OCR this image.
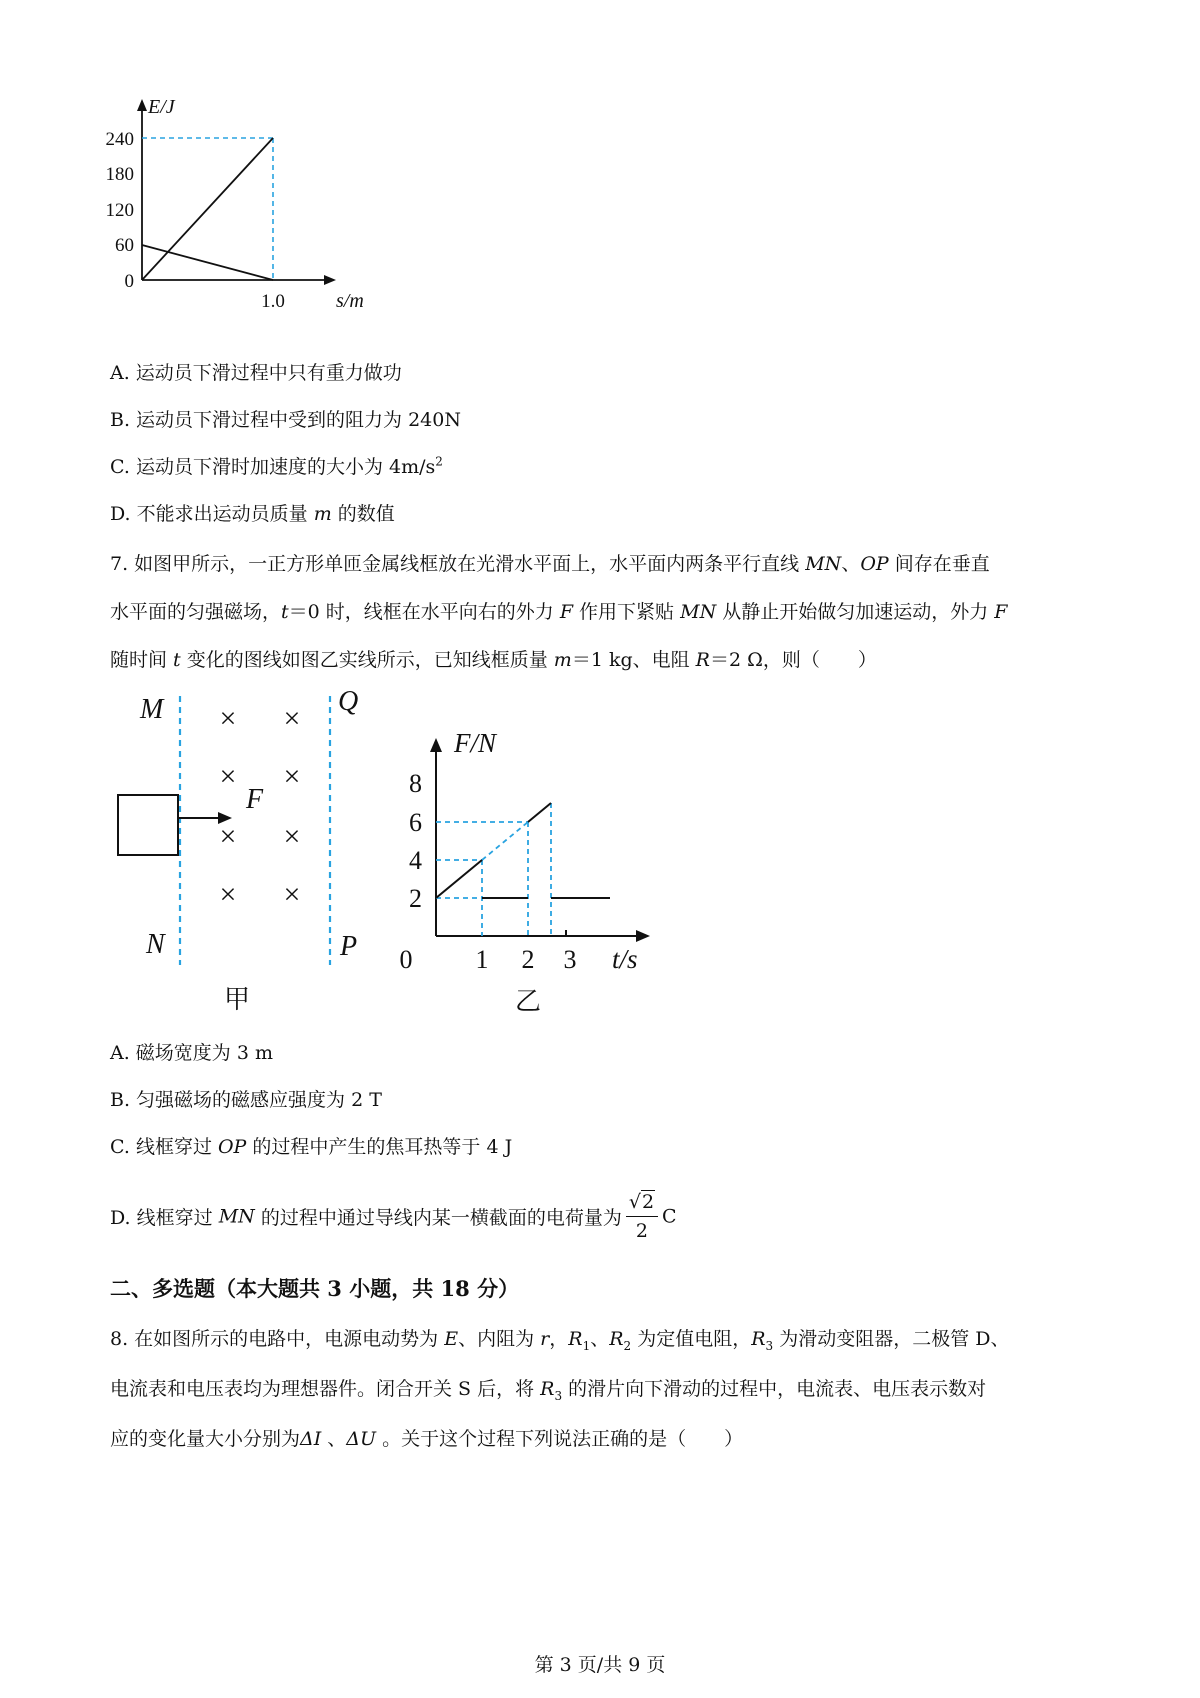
E/J
240
180
120
60
0
1.0	s/m
A. 运动员下滑过程中只有重力做功
B. 运动员下滑过程中受到的阻力为 240N
C. 运动员下滑时加速度的大小为 $4m/s^2$
D. 不能求出运动员质量 m 的数值
7. 如图甲所示，一正方形单匝金属线框放在光滑水平面上，水平面内两条平行直线 MN、OP 间存在垂直
水平面的匀强磁场，t＝0 时，线框在水平向右的外力 F 作用下紧贴 MN 从静止开始做匀加速运动，外力 F
随时间 t 变化的图线如图乙实线所示，已知线框质量 m＝1 kg、电阻 R＝2 Ω，则（　　）
M
N
Q
P
F
× ×
× ×
× ×
× ×
甲
F/N
8
6
4
2
0 1 2 3 t/s
乙
A. 磁场宽度为 3 m
B. 匀强磁场的磁感应强度为 2 T
C. 线框穿过 OP 的过程中产生的焦耳热等于 4 J
D. 线框穿过 MN 的过程中通过导线内某一横截面的电荷量为 $\frac{√2}{2}$ C
二、多选题（本大题共 3 小题，共 18 分）
8. 在如图所示的电路中，电源电动势为 E、内阻为 r，$R_1$、$R_2$ 为定值电阻，$R_3$ 为滑动变阻器，二极管 D、
电流表和电压表均为理想器件。闭合开关 S 后，将 $R_3$ 的滑片向下滑动的过程中，电流表、电压表示数对
应的变化量大小分别为ΔI 、ΔU 。关于这个过程下列说法正确的是（　　）
第 3 页/共 9 页
